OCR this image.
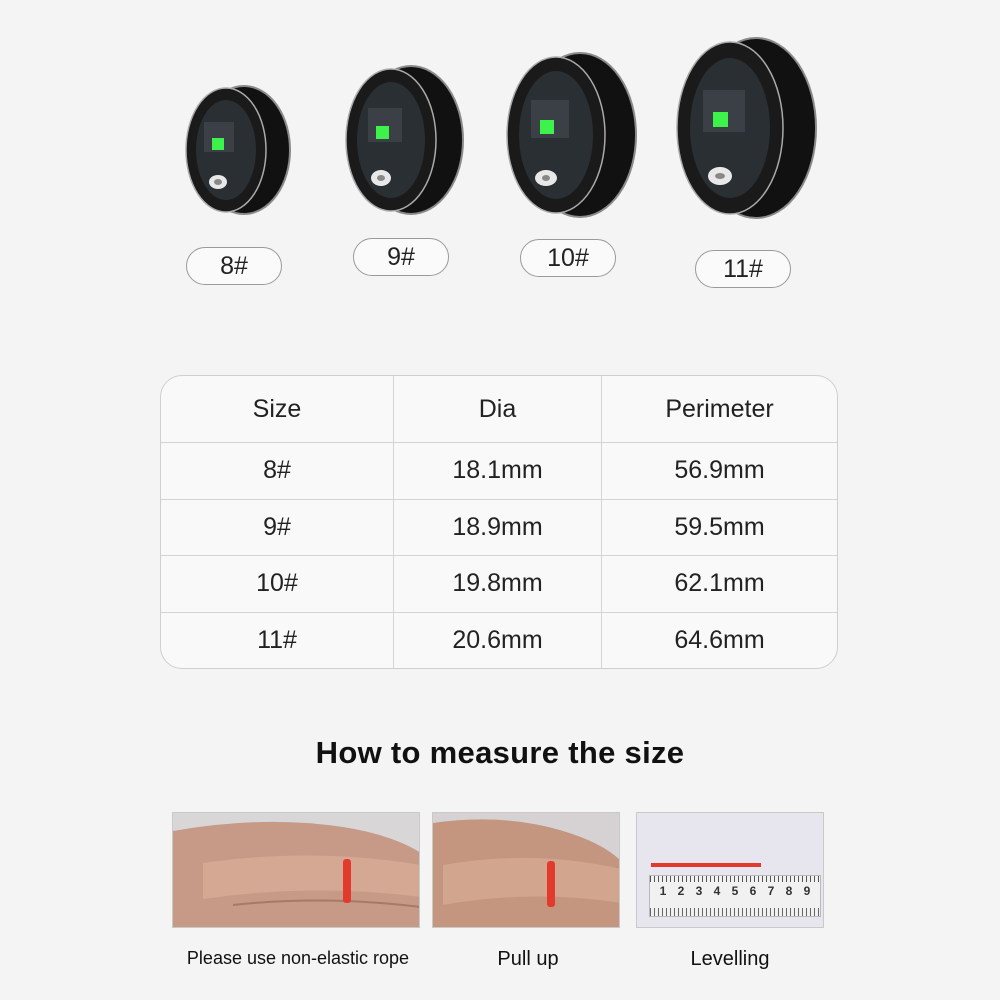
8#	9#	10#	11#
Size	Dia	Perimeter
8#	18.1mm	56.9mm
9#	18.9mm	59.5mm
10#	19.8mm	62.1mm
11#	20.6mm	64.6mm
How to measure the size
1 2 3 4 5 6 7 8 9
Please use non-elastic rope	Pull up	Levelling
